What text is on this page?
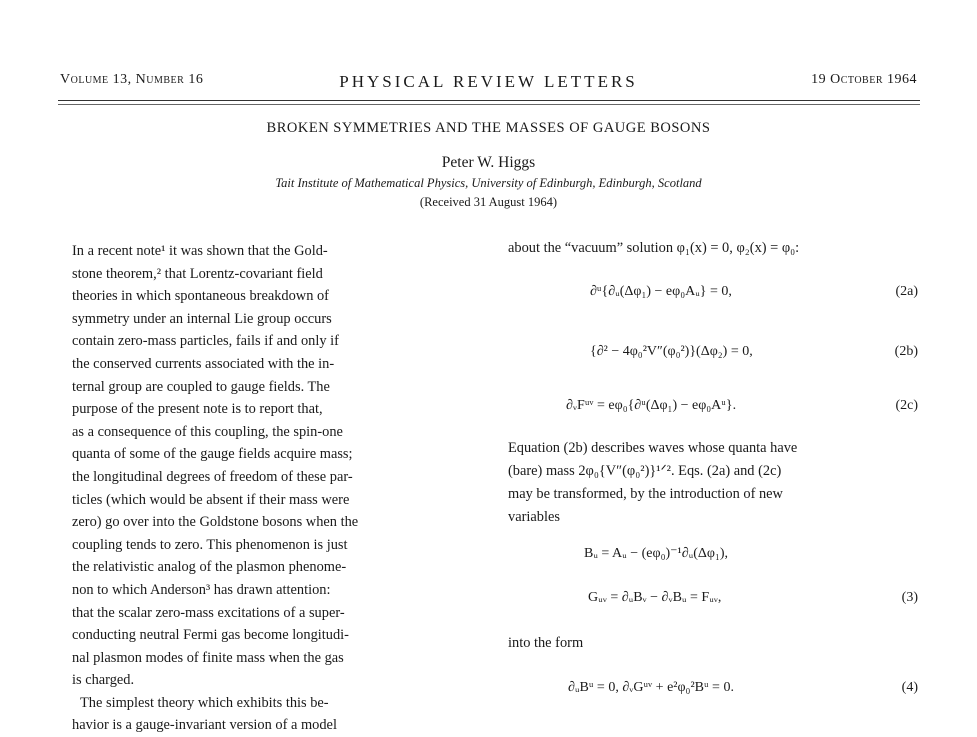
Volume 13, Number 16	PHYSICAL REVIEW LETTERS	19 October 1964
BROKEN SYMMETRIES AND THE MASSES OF GAUGE BOSONS
Peter W. Higgs
Tait Institute of Mathematical Physics, University of Edinburgh, Edinburgh, Scotland
(Received 31 August 1964)
In a recent note¹ it was shown that the Gold-
stone theorem,² that Lorentz-covariant field
theories in which spontaneous breakdown of
symmetry under an internal Lie group occurs
contain zero-mass particles, fails if and only if
the conserved currents associated with the in-
ternal group are coupled to gauge fields. The
purpose of the present note is to report that,
as a consequence of this coupling, the spin-one
quanta of some of the gauge fields acquire mass;
the longitudinal degrees of freedom of these par-
ticles (which would be absent if their mass were
zero) go over into the Goldstone bosons when the
coupling tends to zero. This phenomenon is just
the relativistic analog of the plasmon phenome-
non to which Anderson³ has drawn attention:
that the scalar zero-mass excitations of a super-
conducting neutral Fermi gas become longitudi-
nal plasmon modes of finite mass when the gas
is charged.
The simplest theory which exhibits this be-
havior is a gauge-invariant version of a model
about the “vacuum” solution φ₁(x) = 0, φ₂(x) = φ₀:
∂ᵘ{∂ᵤ(Δφ₁) − eφ₀Aᵤ} = 0,	(2a)
{∂² − 4φ₀²V″(φ₀²)}(Δφ₂) = 0,	(2b)
∂ᵥFᵘᵛ = eφ₀{∂ᵘ(Δφ₁) − eφ₀Aᵘ}.	(2c)
Equation (2b) describes waves whose quanta have
(bare) mass 2φ₀{V″(φ₀²)}¹ᐟ². Eqs. (2a) and (2c)
may be transformed, by the introduction of new
variables
Bᵤ = Aᵤ − (eφ₀)⁻¹∂ᵤ(Δφ₁),
Gᵤᵥ = ∂ᵤBᵥ − ∂ᵥBᵤ = Fᵤᵥ,	(3)
into the form
∂ᵤBᵘ = 0, ∂ᵥGᵘᵛ + e²φ₀²Bᵘ = 0.	(4)
